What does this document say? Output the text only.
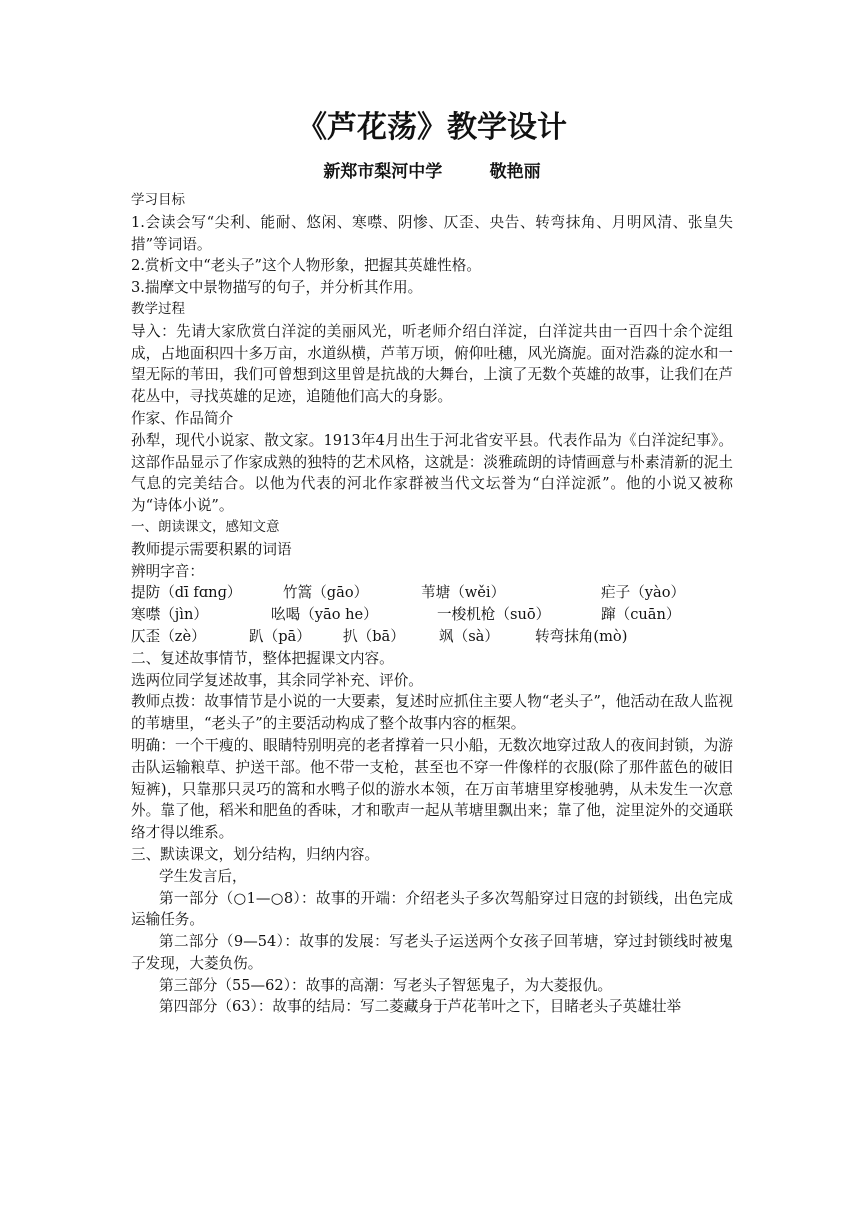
《芦花荡》教学设计
新郑市梨河中学        敬艳丽

学习目标

1.会读会写“尖利、能耐、悠闲、寒噤、阴惨、仄歪、央告、转弯抹角、月明风清、张皇失措”等词语。

2.赏析文中“老头子”这个人物形象，把握其英雄性格。

3.揣摩文中景物描写的句子，并分析其作用。

教学过程

导入：先请大家欣赏白洋淀的美丽风光，听老师介绍白洋淀，白洋淀共由一百四十余个淀组成，占地面积四十多万亩，水道纵横，芦苇万顷，俯仰吐穗，风光旖旎。面对浩淼的淀水和一望无际的苇田，我们可曾想到这里曾是抗战的大舞台，上演了无数个英雄的故事，让我们在芦花丛中，寻找英雄的足迹，追随他们高大的身影。

作家、作品简介

孙犁，现代小说家、散文家。1913年4月出生于河北省安平县。代表作品为《白洋淀纪事》。这部作品显示了作家成熟的独特的艺术风格，这就是：淡雅疏朗的诗情画意与朴素清新的泥土气息的完美结合。以他为代表的河北作家群被当代文坛誉为“白洋淀派”。他的小说又被称为“诗体小说”。

一、朗读课文，感知文意

教师提示需要积累的词语

辨明字音：

提防（dī fɑnɡ）	竹篙（gāo）	苇塘（wěi）	疟子（yào）
寒噤（jìn）	吆喝（yāo he）	一梭机枪（suō）	蹿（cuān）
仄歪（zè）	趴（pā）	扒（bā）	飒（sà）	转弯抹角(mò)

二、复述故事情节，整体把握课文内容。

选两位同学复述故事，其余同学补充、评价。

教师点拨：故事情节是小说的一大要素，复述时应抓住主要人物“老头子”，他活动在敌人监视的苇塘里，“老头子”的主要活动构成了整个故事内容的框架。

明确：一个干瘦的、眼睛特别明亮的老者撑着一只小船，无数次地穿过敌人的夜间封锁，为游击队运输粮草、护送干部。他不带一支枪，甚至也不穿一件像样的衣服(除了那件蓝色的破旧短裤)，只靠那只灵巧的篙和水鸭子似的游水本领，在万亩苇塘里穿梭驰骋，从未发生一次意外。靠了他，稻米和肥鱼的香味，才和歌声一起从苇塘里飘出来；靠了他，淀里淀外的交通联络才得以维系。

三、默读课文，划分结构，归纳内容。

学生发言后，

第一部分（○1—○8）：故事的开端：介绍老头子多次驾船穿过日寇的封锁线，出色完成运输任务。

第二部分（9—54）：故事的发展：写老头子运送两个女孩子回苇塘，穿过封锁线时被鬼子发现，大菱负伤。

第三部分（55—62）：故事的高潮：写老头子智惩鬼子，为大菱报仇。

第四部分（63）：故事的结局：写二菱藏身于芦花苇叶之下，目睹老头子英雄壮举
